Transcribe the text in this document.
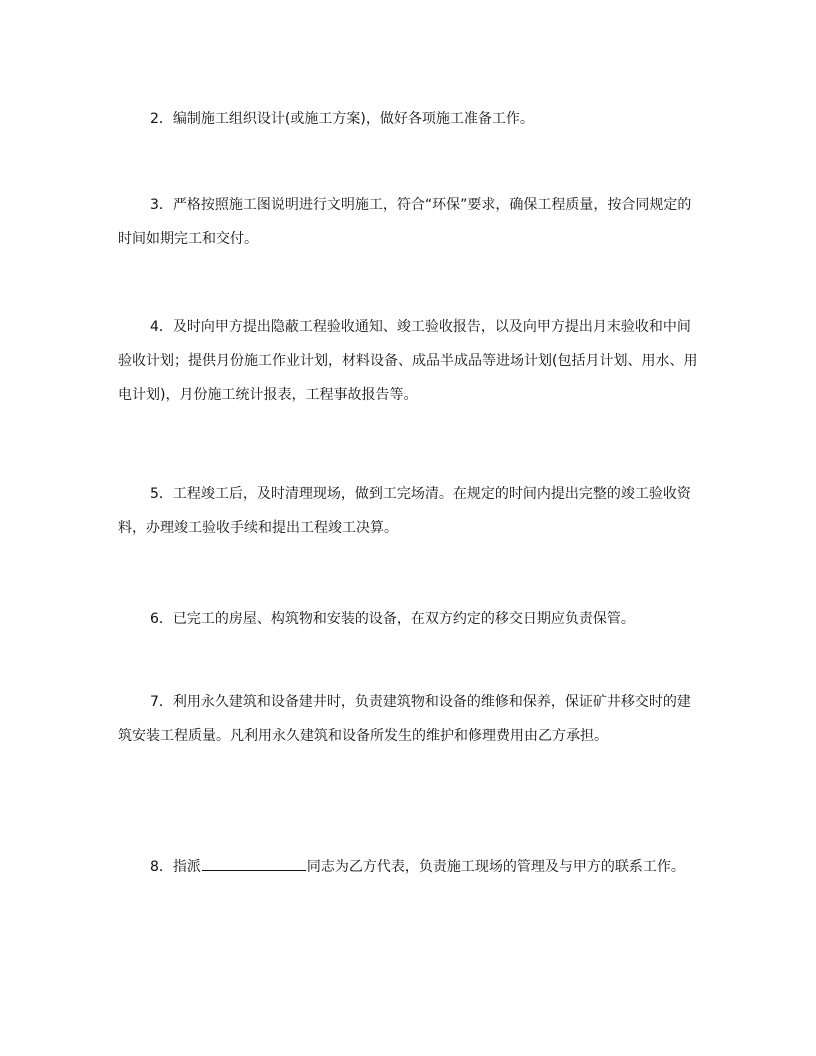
2．编制施工组织设计(或施工方案)，做好各项施工准备工作。

3．严格按照施工图说明进行文明施工，符合“环保”要求，确保工程质量，按合同规定的时间如期完工和交付。

4．及时向甲方提出隐蔽工程验收通知、竣工验收报告，以及向甲方提出月末验收和中间验收计划；提供月份施工作业计划，材料设备、成品半成品等进场计划(包括月计划、用水、用电计划)，月份施工统计报表，工程事故报告等。

5．工程竣工后，及时清理现场，做到工完场清。在规定的时间内提出完整的竣工验收资料，办理竣工验收手续和提出工程竣工决算。

6．已完工的房屋、构筑物和安装的设备，在双方约定的移交日期应负责保管。

7．利用永久建筑和设备建井时，负责建筑物和设备的维修和保养，保证矿井移交时的建筑安装工程质量。凡利用永久建筑和设备所发生的维护和修理费用由乙方承担。

8．指派	同志为乙方代表，负责施工现场的管理及与甲方的联系工作。
